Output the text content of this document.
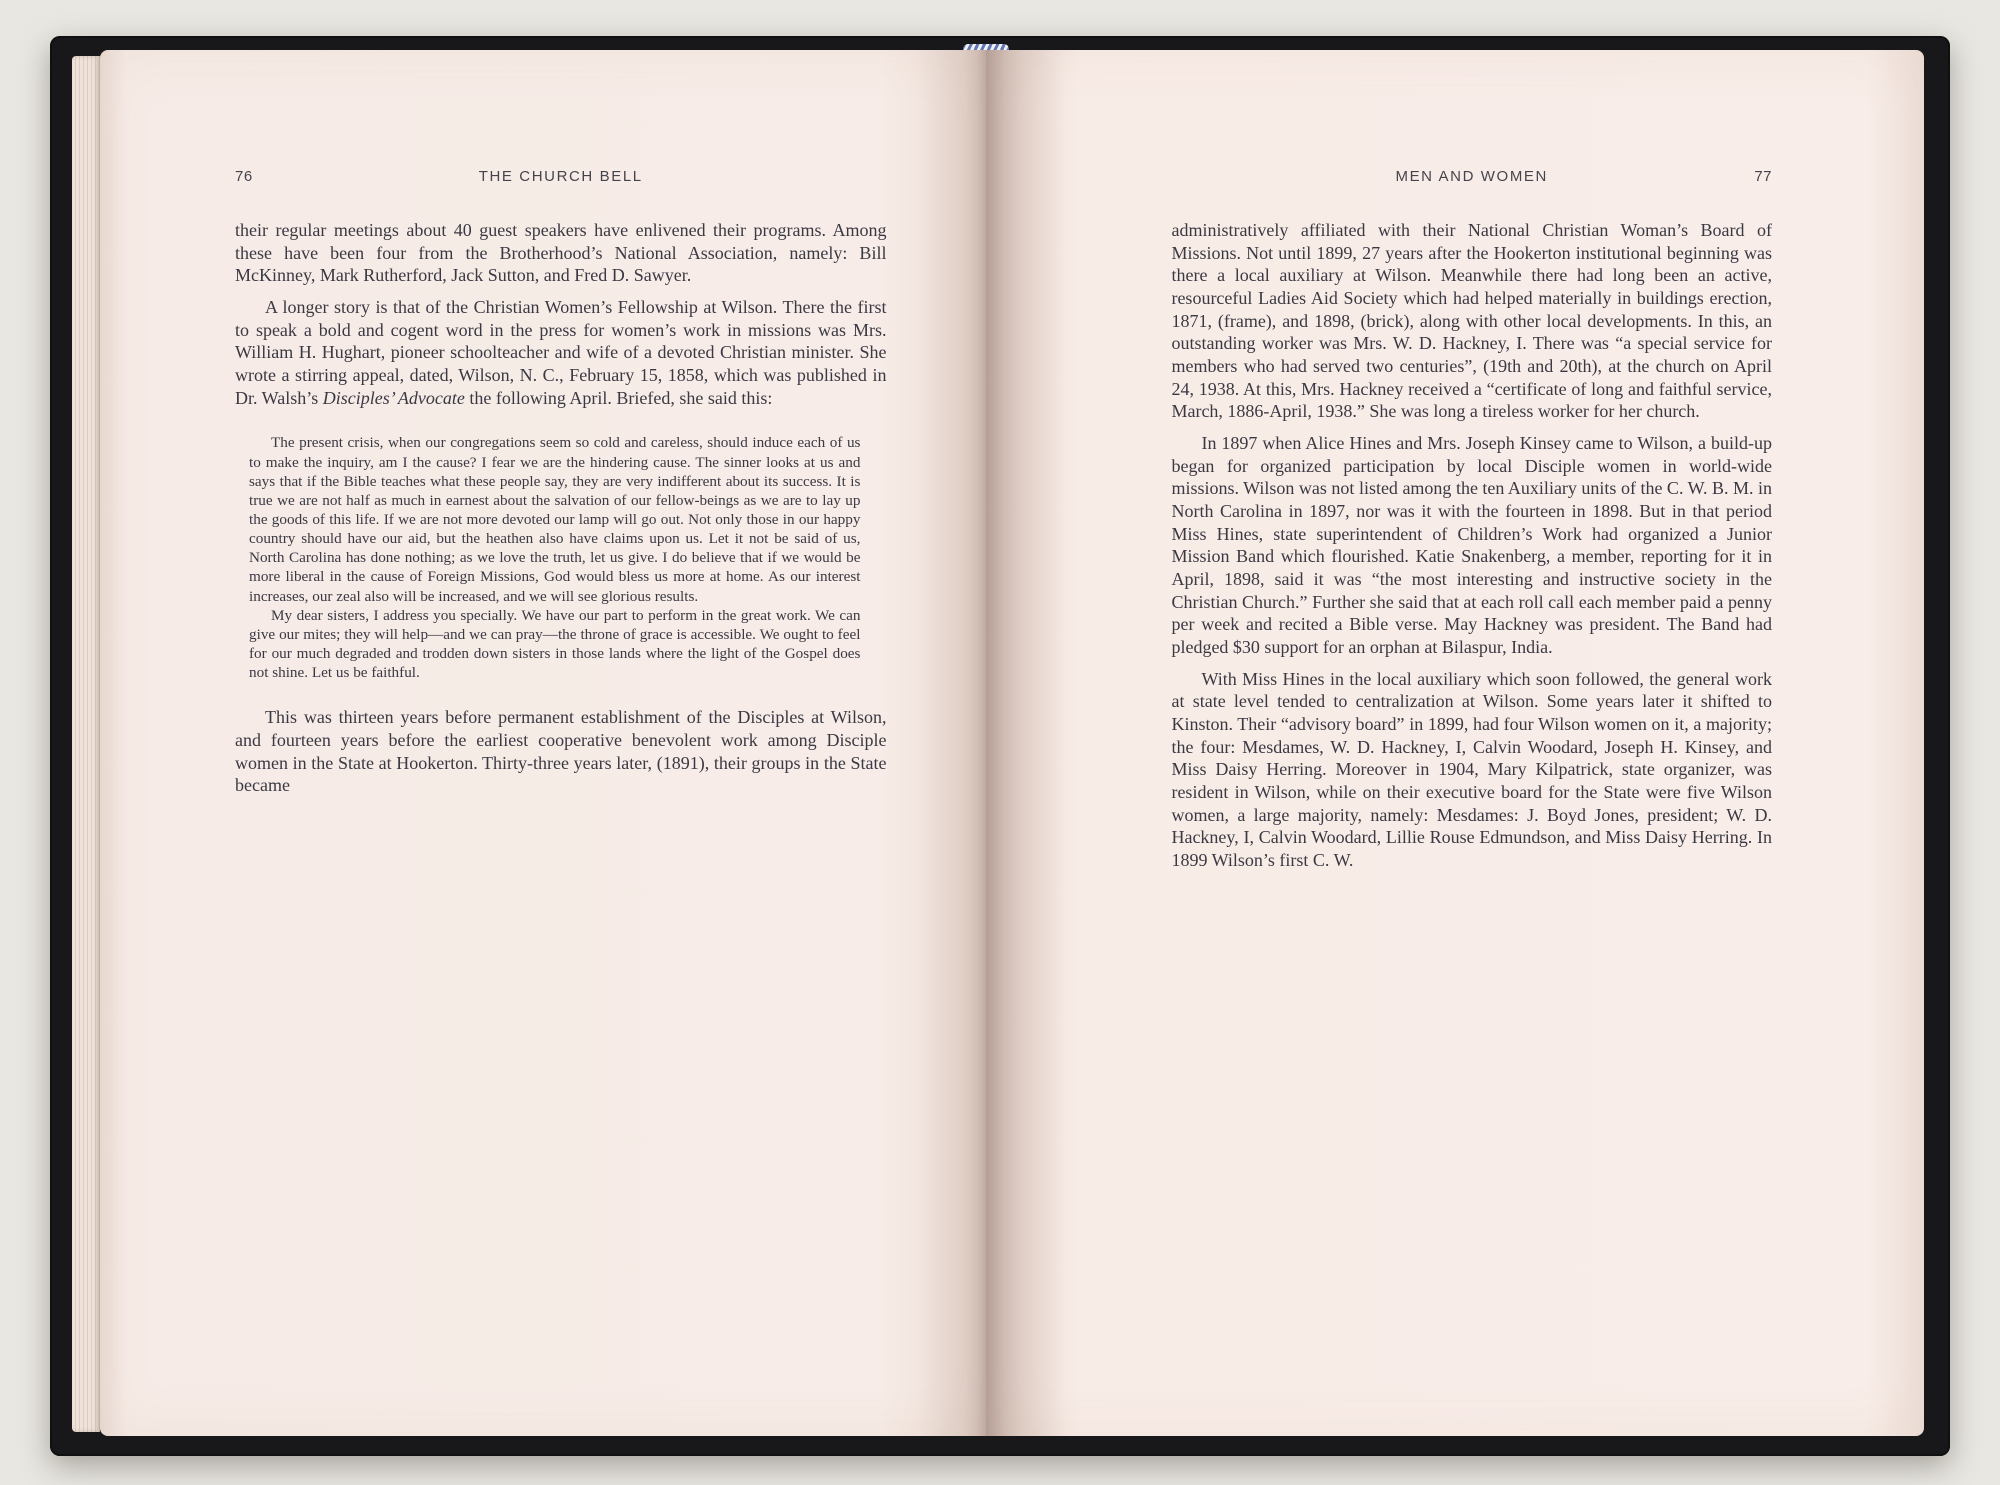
76	THE CHURCH BELL

their regular meetings about 40 guest speakers have enlivened their programs. Among these have been four from the Brotherhood’s National Association, namely: Bill McKinney, Mark Rutherford, Jack Sutton, and Fred D. Sawyer.

A longer story is that of the Christian Women’s Fellowship at Wilson. There the first to speak a bold and cogent word in the press for women’s work in missions was Mrs. William H. Hughart, pioneer schoolteacher and wife of a devoted Christian minister. She wrote a stirring appeal, dated, Wilson, N. C., February 15, 1858, which was published in Dr. Walsh’s Disciples’ Advocate the following April. Briefed, she said this:

The present crisis, when our congregations seem so cold and careless, should induce each of us to make the inquiry, am I the cause? I fear we are the hindering cause. The sinner looks at us and says that if the Bible teaches what these people say, they are very indifferent about its success. It is true we are not half as much in earnest about the salvation of our fellow-beings as we are to lay up the goods of this life. If we are not more devoted our lamp will go out. Not only those in our happy country should have our aid, but the heathen also have claims upon us. Let it not be said of us, North Carolina has done nothing; as we love the truth, let us give. I do believe that if we would be more liberal in the cause of Foreign Missions, God would bless us more at home. As our interest increases, our zeal also will be increased, and we will see glorious results.

My dear sisters, I address you specially. We have our part to perform in the great work. We can give our mites; they will help—and we can pray—the throne of grace is accessible. We ought to feel for our much degraded and trodden down sisters in those lands where the light of the Gospel does not shine. Let us be faithful.

This was thirteen years before permanent establishment of the Disciples at Wilson, and fourteen years before the earliest cooperative benevolent work among Disciple women in the State at Hookerton. Thirty-three years later, (1891), their groups in the State became

MEN AND WOMEN	77

administratively affiliated with their National Christian Woman’s Board of Missions. Not until 1899, 27 years after the Hookerton institutional beginning was there a local auxiliary at Wilson. Meanwhile there had long been an active, resourceful Ladies Aid Society which had helped materially in buildings erection, 1871, (frame), and 1898, (brick), along with other local developments. In this, an outstanding worker was Mrs. W. D. Hackney, I. There was “a special service for members who had served two centuries”, (19th and 20th), at the church on April 24, 1938. At this, Mrs. Hackney received a “certificate of long and faithful service, March, 1886-April, 1938.” She was long a tireless worker for her church.

In 1897 when Alice Hines and Mrs. Joseph Kinsey came to Wilson, a build-up began for organized participation by local Disciple women in world-wide missions. Wilson was not listed among the ten Auxiliary units of the C. W. B. M. in North Carolina in 1897, nor was it with the fourteen in 1898. But in that period Miss Hines, state superintendent of Children’s Work had organized a Junior Mission Band which flourished. Katie Snakenberg, a member, reporting for it in April, 1898, said it was “the most interesting and instructive society in the Christian Church.” Further she said that at each roll call each member paid a penny per week and recited a Bible verse. May Hackney was president. The Band had pledged $30 support for an orphan at Bilaspur, India.

With Miss Hines in the local auxiliary which soon followed, the general work at state level tended to centralization at Wilson. Some years later it shifted to Kinston. Their “advisory board” in 1899, had four Wilson women on it, a majority; the four: Mesdames, W. D. Hackney, I, Calvin Woodard, Joseph H. Kinsey, and Miss Daisy Herring. Moreover in 1904, Mary Kilpatrick, state organizer, was resident in Wilson, while on their executive board for the State were five Wilson women, a large majority, namely: Mesdames: J. Boyd Jones, president; W. D. Hackney, I, Calvin Woodard, Lillie Rouse Edmundson, and Miss Daisy Herring. In 1899 Wilson’s first C. W.
